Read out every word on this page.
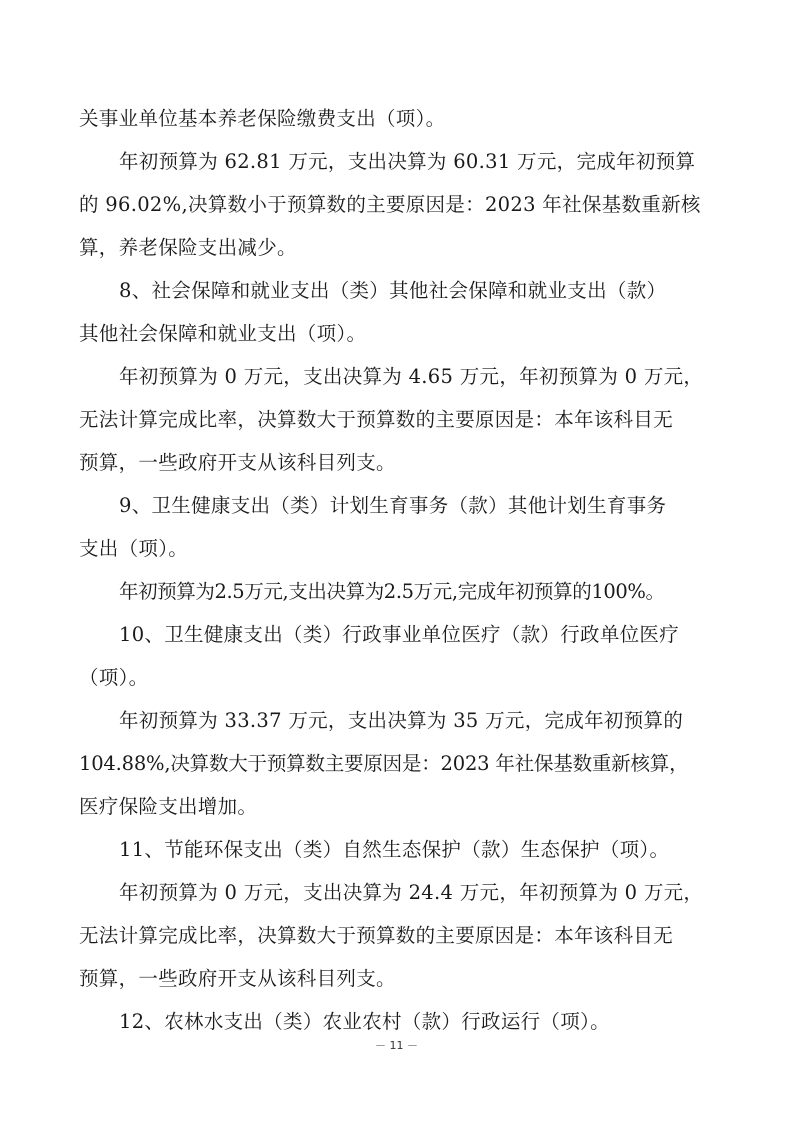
关事业单位基本养老保险缴费支出（项）。

年初预算为 62.81 万元，支出决算为 60.31 万元，完成年初预算
的 96.02%,决算数小于预算数的主要原因是：2023 年社保基数重新核
算，养老保险支出减少。

8、社会保障和就业支出（类）其他社会保障和就业支出（款）
其他社会保障和就业支出（项）。

年初预算为 0 万元，支出决算为 4.65 万元，年初预算为 0 万元，
无法计算完成比率，决算数大于预算数的主要原因是：本年该科目无
预算，一些政府开支从该科目列支。

9、卫生健康支出（类）计划生育事务（款）其他计划生育事务
支出（项）。

年初预算为2.5万元,支出决算为2.5万元,完成年初预算的100%。

10、卫生健康支出（类）行政事业单位医疗（款）行政单位医疗
（项）。

年初预算为 33.37 万元，支出决算为 35 万元，完成年初预算的
104.88%,决算数大于预算数主要原因是：2023 年社保基数重新核算，
医疗保险支出增加。

11、节能环保支出（类）自然生态保护（款）生态保护（项）。

年初预算为 0 万元，支出决算为 24.4 万元，年初预算为 0 万元，
无法计算完成比率，决算数大于预算数的主要原因是：本年该科目无
预算，一些政府开支从该科目列支。

12、农林水支出（类）农业农村（款）行政运行（项）。

－ 11 －
